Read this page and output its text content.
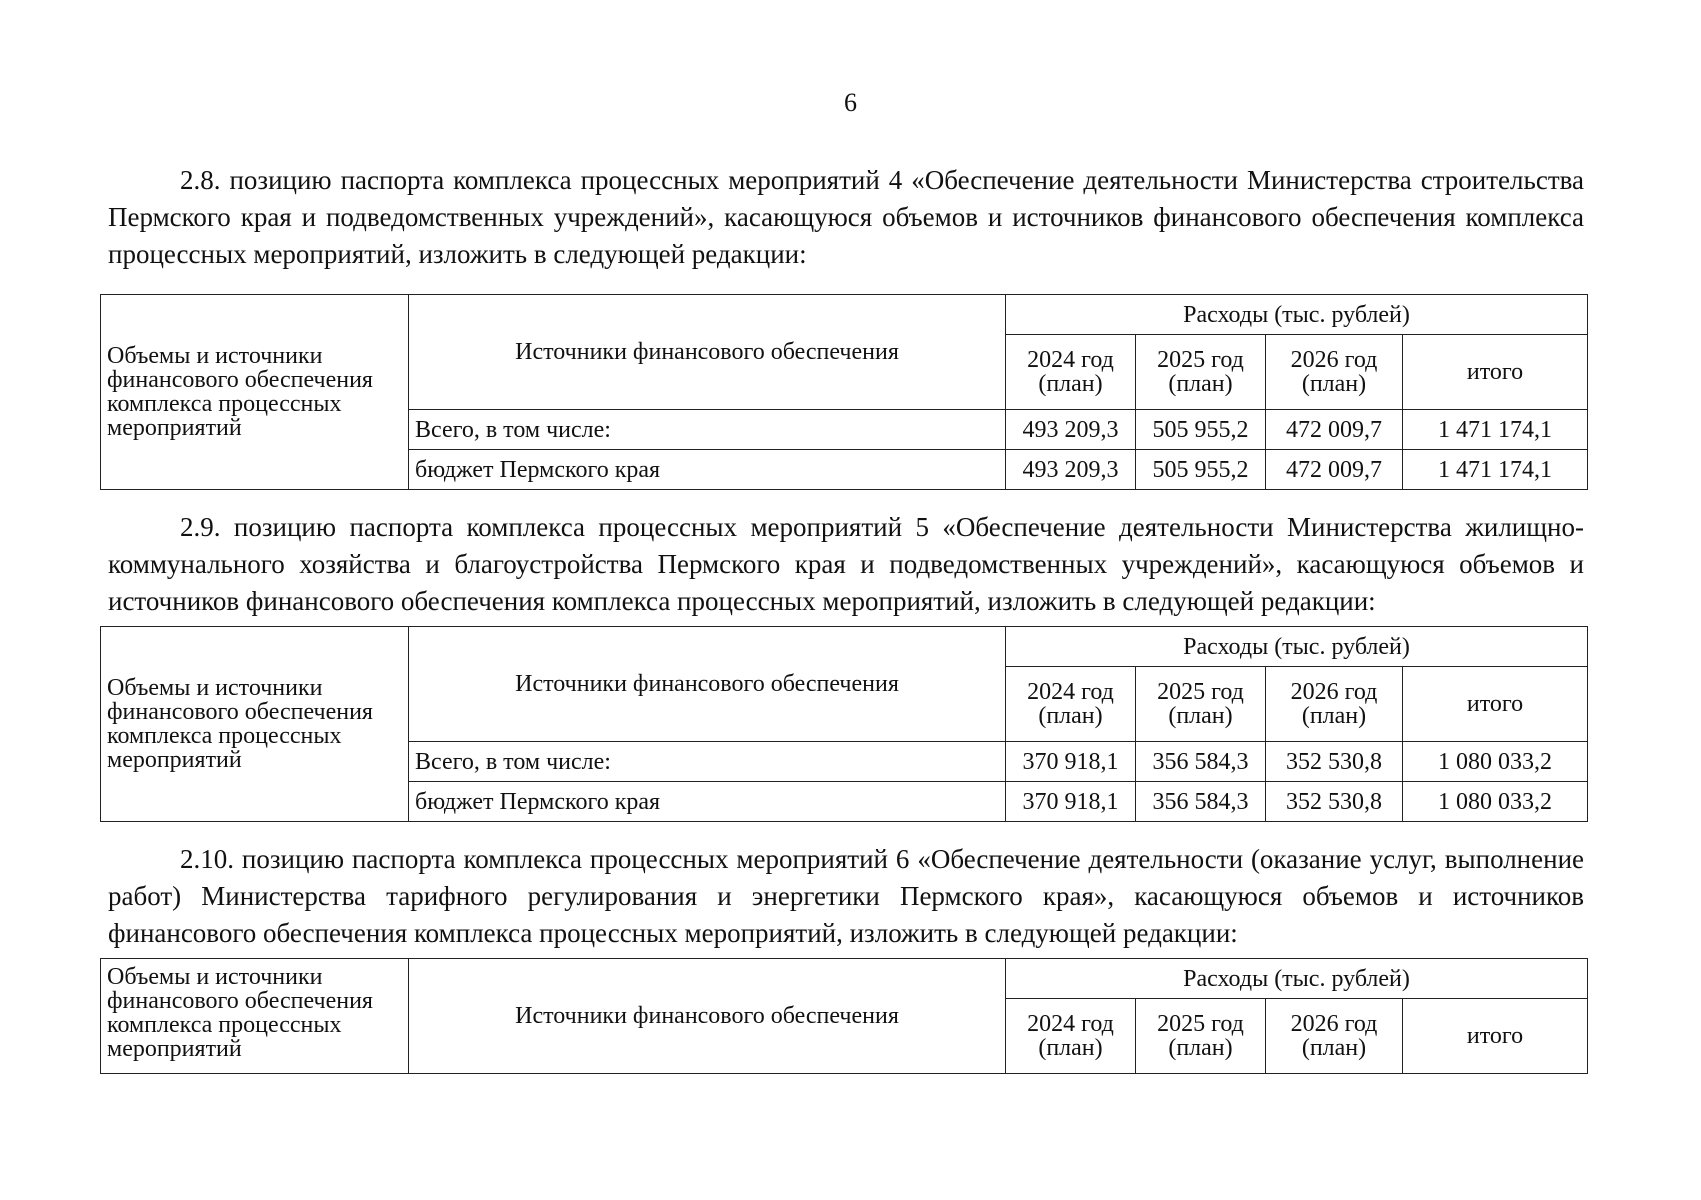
6
2.8. позицию паспорта комплекса процессных мероприятий 4 «Обеспечение деятельности Министерства строительства Пермского края и подведомственных учреждений», касающуюся объемов и источников финансового обеспечения комплекса процессных мероприятий, изложить в следующей редакции:
Объемы и источники финансового обеспечения комплекса процессных мероприятий	Источники финансового обеспечения	Расходы (тыс. рублей)			
		2024 год (план)	2025 год (план)	2026 год (план)	итого
	Всего, в том числе:	493 209,3	505 955,2	472 009,7	1 471 174,1
	бюджет Пермского края	493 209,3	505 955,2	472 009,7	1 471 174,1
2.9. позицию паспорта комплекса процессных мероприятий 5 «Обеспечение деятельности Министерства жилищно-коммунального хозяйства и благоустройства Пермского края и подведомственных учреждений», касающуюся объемов и источников финансового обеспечения комплекса процессных мероприятий, изложить в следующей редакции:
Объемы и источники финансового обеспечения комплекса процессных мероприятий	Источники финансового обеспечения	Расходы (тыс. рублей)			
		2024 год (план)	2025 год (план)	2026 год (план)	итого
	Всего, в том числе:	370 918,1	356 584,3	352 530,8	1 080 033,2
	бюджет Пермского края	370 918,1	356 584,3	352 530,8	1 080 033,2
2.10. позицию паспорта комплекса процессных мероприятий 6 «Обеспечение деятельности (оказание услуг, выполнение работ) Министерства тарифного регулирования и энергетики Пермского края», касающуюся объемов и источников финансового обеспечения комплекса процессных мероприятий, изложить в следующей редакции:
Объемы и источники финансового обеспечения комплекса процессных мероприятий	Источники финансового обеспечения	Расходы (тыс. рублей)			
		2024 год (план)	2025 год (план)	2026 год (план)	итого
